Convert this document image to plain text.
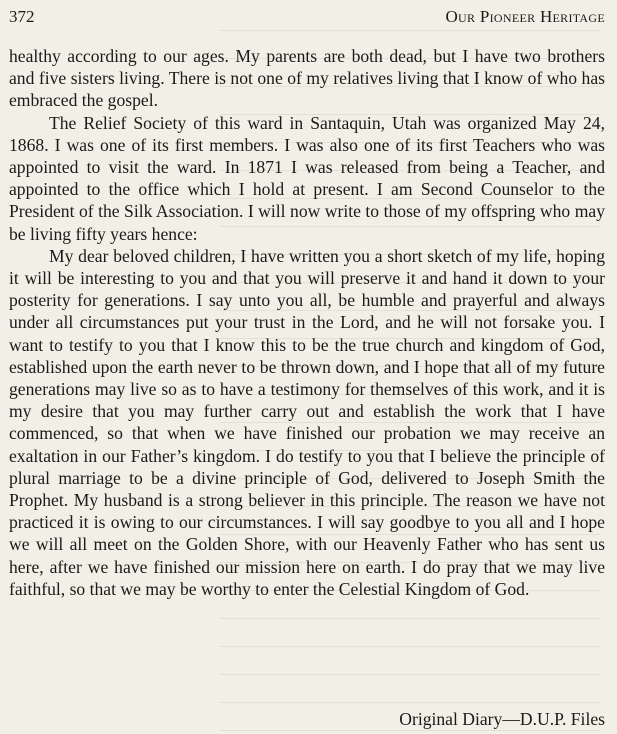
372	Our Pioneer Heritage

healthy according to our ages. My parents are both dead, but I have two brothers and five sisters living. There is not one of my relatives living that I know of who has embraced the gospel.

The Relief Society of this ward in Santaquin, Utah was organized May 24, 1868. I was one of its first members. I was also one of its first Teachers who was appointed to visit the ward. In 1871 I was released from being a Teacher, and appointed to the office which I hold at present. I am Second Counselor to the President of the Silk Association. I will now write to those of my offspring who may be living fifty years hence:

My dear beloved children, I have written you a short sketch of my life, hoping it will be interesting to you and that you will preserve it and hand it down to your posterity for generations. I say unto you all, be humble and prayerful and always under all circumstances put your trust in the Lord, and he will not forsake you. I want to testify to you that I know this to be the true church and kingdom of God, established upon the earth never to be thrown down, and I hope that all of my future generations may live so as to have a testimony for themselves of this work, and it is my desire that you may further carry out and establish the work that I have commenced, so that when we have finished our probation we may receive an exaltation in our Father’s kingdom. I do testify to you that I believe the principle of plural marriage to be a divine principle of God, delivered to Joseph Smith the Prophet. My husband is a strong believer in this principle. The reason we have not practiced it is owing to our circumstances. I will say goodbye to you all and I hope we will all meet on the Golden Shore, with our Heavenly Father who has sent us here, after we have finished our mission here on earth. I do pray that we may live faithful, so that we may be worthy to enter the Celestial Kingdom of God.

Original Diary—D.U.P. Files
